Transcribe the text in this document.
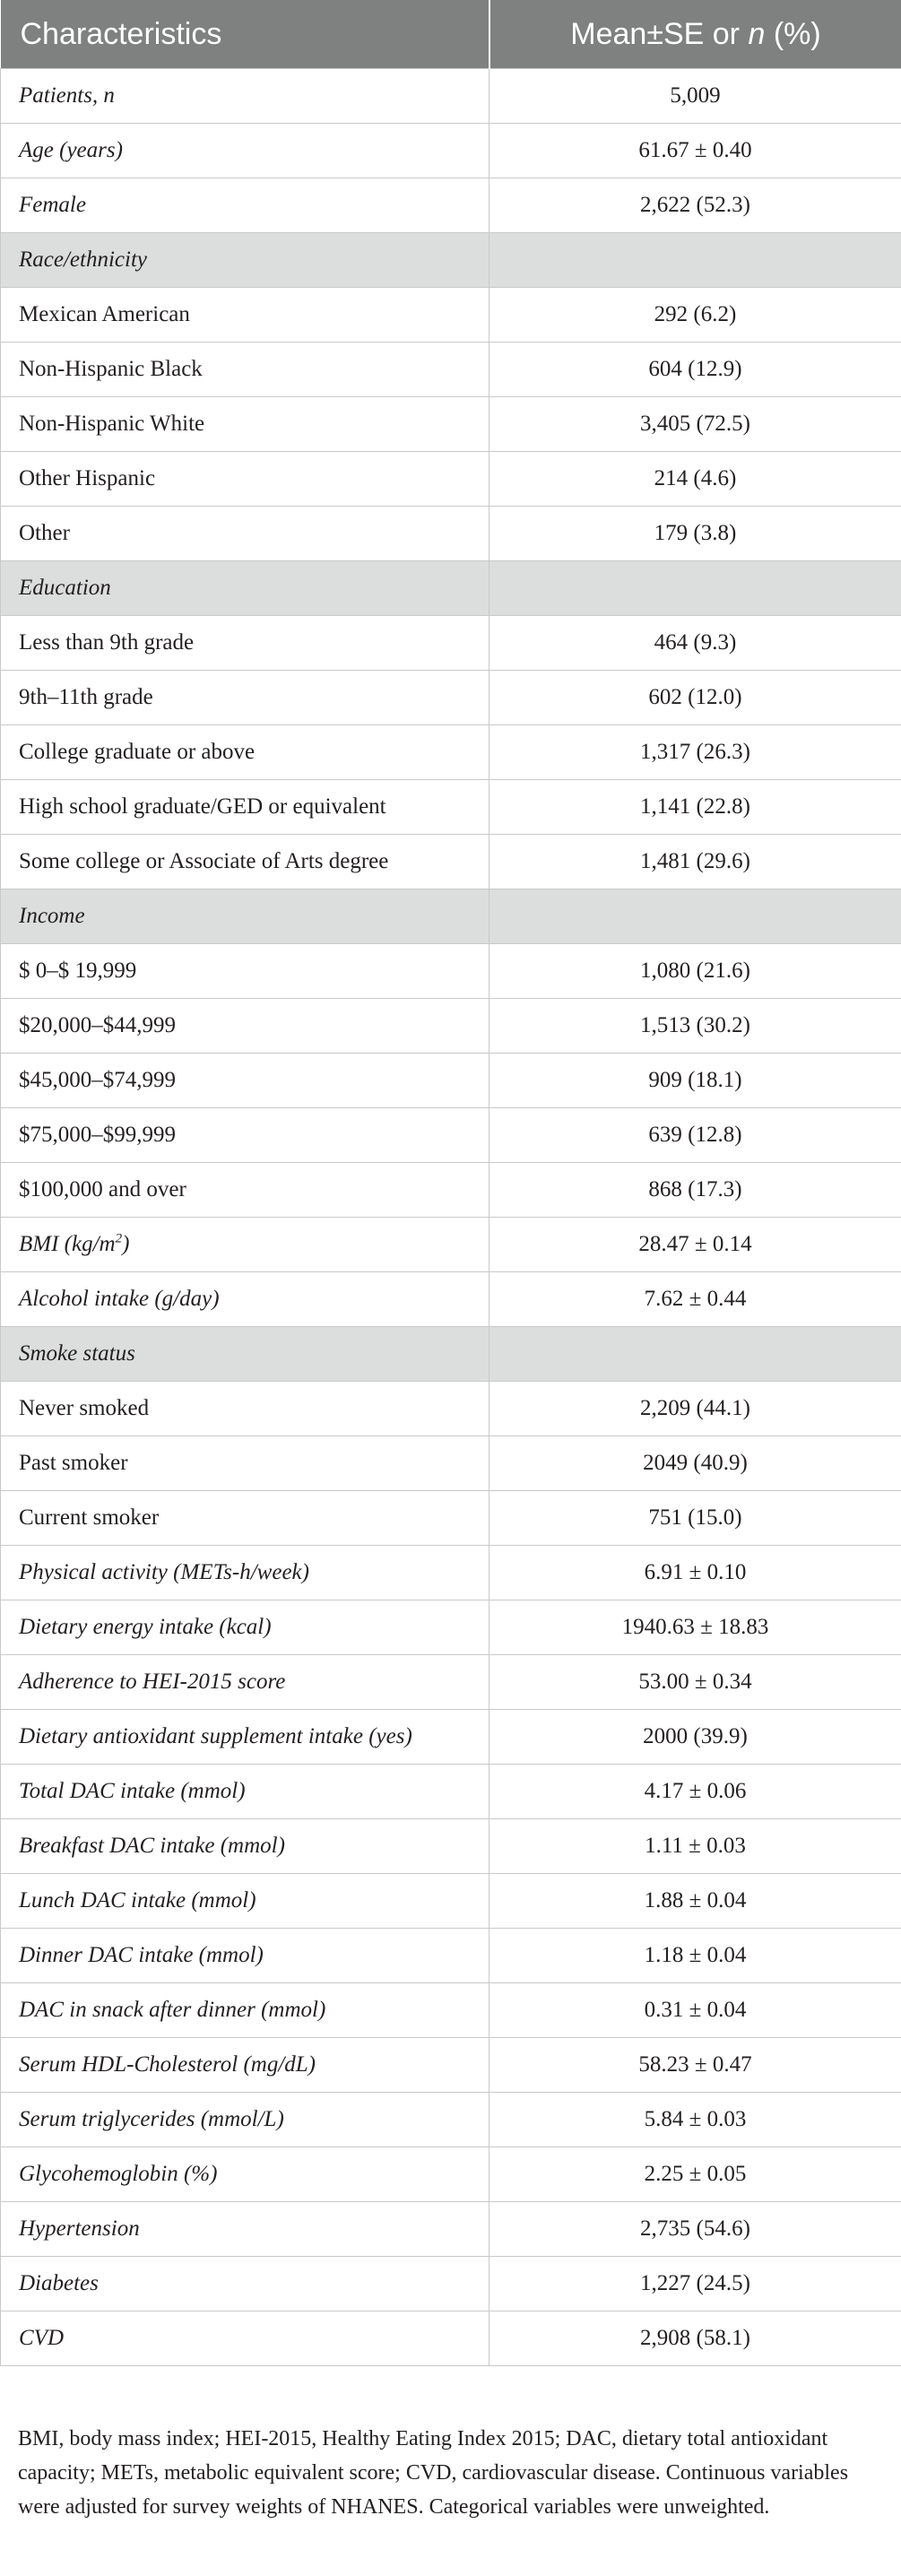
Characteristics	Mean±SE or n (%)
Patients, n	5,009
Age (years)	61.67 ± 0.40
Female	2,622 (52.3)
Race/ethnicity	
Mexican American	292 (6.2)
Non-Hispanic Black	604 (12.9)
Non-Hispanic White	3,405 (72.5)
Other Hispanic	214 (4.6)
Other	179 (3.8)
Education	
Less than 9th grade	464 (9.3)
9th–11th grade	602 (12.0)
College graduate or above	1,317 (26.3)
High school graduate/GED or equivalent	1,141 (22.8)
Some college or Associate of Arts degree	1,481 (29.6)
Income	
$ 0–$ 19,999	1,080 (21.6)
$20,000–$44,999	1,513 (30.2)
$45,000–$74,999	909 (18.1)
$75,000–$99,999	639 (12.8)
$100,000 and over	868 (17.3)
BMI $(kg/m^2)$	28.47 ± 0.14
Alcohol intake (g/day)	7.62 ± 0.44
Smoke status	
Never smoked	2,209 (44.1)
Past smoker	2049 (40.9)
Current smoker	751 (15.0)
Physical activity (METs-h/week)	6.91 ± 0.10
Dietary energy intake (kcal)	1940.63 ± 18.83
Adherence to HEI-2015 score	53.00 ± 0.34
Dietary antioxidant supplement intake (yes)	2000 (39.9)
Total DAC intake (mmol)	4.17 ± 0.06
Breakfast DAC intake (mmol)	1.11 ± 0.03
Lunch DAC intake (mmol)	1.88 ± 0.04
Dinner DAC intake (mmol)	1.18 ± 0.04
DAC in snack after dinner (mmol)	0.31 ± 0.04
Serum HDL-Cholesterol (mg/dL)	58.23 ± 0.47
Serum triglycerides (mmol/L)	5.84 ± 0.03
Glycohemoglobin (%)	2.25 ± 0.05
Hypertension	2,735 (54.6)
Diabetes	1,227 (24.5)
CVD	2,908 (58.1)
BMI, body mass index; HEI-2015, Healthy Eating Index 2015; DAC, dietary total antioxidant capacity; METs, metabolic equivalent score; CVD, cardiovascular disease. Continuous variables were adjusted for survey weights of NHANES. Categorical variables were unweighted.
